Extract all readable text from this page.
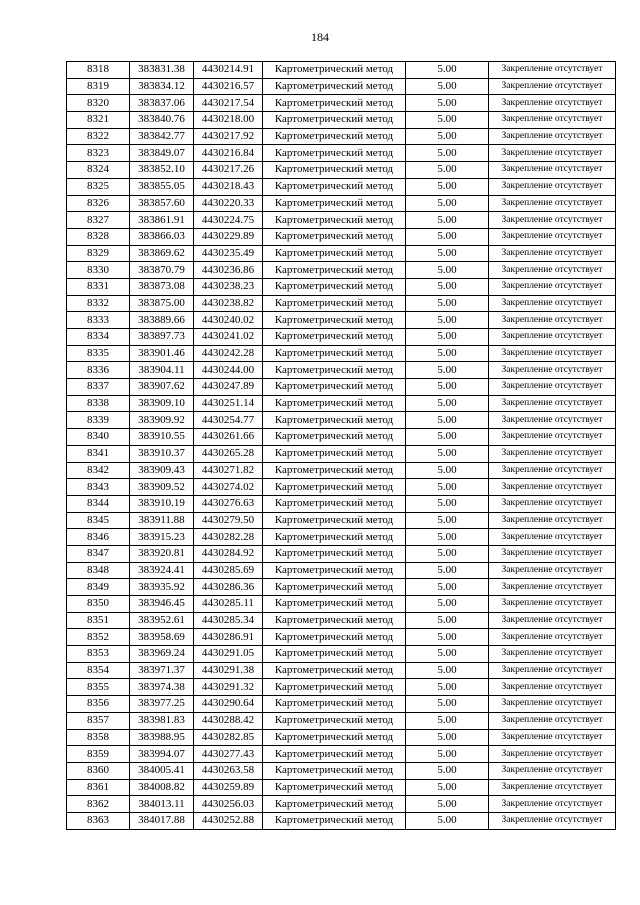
184
8318	383831.38	4430214.91	Картометрический метод	5.00	Закрепление отсутствует
8319	383834.12	4430216.57	Картометрический метод	5.00	Закрепление отсутствует
8320	383837.06	4430217.54	Картометрический метод	5.00	Закрепление отсутствует
8321	383840.76	4430218.00	Картометрический метод	5.00	Закрепление отсутствует
8322	383842.77	4430217.92	Картометрический метод	5.00	Закрепление отсутствует
8323	383849.07	4430216.84	Картометрический метод	5.00	Закрепление отсутствует
8324	383852.10	4430217.26	Картометрический метод	5.00	Закрепление отсутствует
8325	383855.05	4430218.43	Картометрический метод	5.00	Закрепление отсутствует
8326	383857.60	4430220.33	Картометрический метод	5.00	Закрепление отсутствует
8327	383861.91	4430224.75	Картометрический метод	5.00	Закрепление отсутствует
8328	383866.03	4430229.89	Картометрический метод	5.00	Закрепление отсутствует
8329	383869.62	4430235.49	Картометрический метод	5.00	Закрепление отсутствует
8330	383870.79	4430236.86	Картометрический метод	5.00	Закрепление отсутствует
8331	383873.08	4430238.23	Картометрический метод	5.00	Закрепление отсутствует
8332	383875.00	4430238.82	Картометрический метод	5.00	Закрепление отсутствует
8333	383889.66	4430240.02	Картометрический метод	5.00	Закрепление отсутствует
8334	383897.73	4430241.02	Картометрический метод	5.00	Закрепление отсутствует
8335	383901.46	4430242.28	Картометрический метод	5.00	Закрепление отсутствует
8336	383904.11	4430244.00	Картометрический метод	5.00	Закрепление отсутствует
8337	383907.62	4430247.89	Картометрический метод	5.00	Закрепление отсутствует
8338	383909.10	4430251.14	Картометрический метод	5.00	Закрепление отсутствует
8339	383909.92	4430254.77	Картометрический метод	5.00	Закрепление отсутствует
8340	383910.55	4430261.66	Картометрический метод	5.00	Закрепление отсутствует
8341	383910.37	4430265.28	Картометрический метод	5.00	Закрепление отсутствует
8342	383909.43	4430271.82	Картометрический метод	5.00	Закрепление отсутствует
8343	383909.52	4430274.02	Картометрический метод	5.00	Закрепление отсутствует
8344	383910.19	4430276.63	Картометрический метод	5.00	Закрепление отсутствует
8345	383911.88	4430279.50	Картометрический метод	5.00	Закрепление отсутствует
8346	383915.23	4430282.28	Картометрический метод	5.00	Закрепление отсутствует
8347	383920.81	4430284.92	Картометрический метод	5.00	Закрепление отсутствует
8348	383924.41	4430285.69	Картометрический метод	5.00	Закрепление отсутствует
8349	383935.92	4430286.36	Картометрический метод	5.00	Закрепление отсутствует
8350	383946.45	4430285.11	Картометрический метод	5.00	Закрепление отсутствует
8351	383952.61	4430285.34	Картометрический метод	5.00	Закрепление отсутствует
8352	383958.69	4430286.91	Картометрический метод	5.00	Закрепление отсутствует
8353	383969.24	4430291.05	Картометрический метод	5.00	Закрепление отсутствует
8354	383971.37	4430291.38	Картометрический метод	5.00	Закрепление отсутствует
8355	383974.38	4430291.32	Картометрический метод	5.00	Закрепление отсутствует
8356	383977.25	4430290.64	Картометрический метод	5.00	Закрепление отсутствует
8357	383981.83	4430288.42	Картометрический метод	5.00	Закрепление отсутствует
8358	383988.95	4430282.85	Картометрический метод	5.00	Закрепление отсутствует
8359	383994.07	4430277.43	Картометрический метод	5.00	Закрепление отсутствует
8360	384005.41	4430263.58	Картометрический метод	5.00	Закрепление отсутствует
8361	384008.82	4430259.89	Картометрический метод	5.00	Закрепление отсутствует
8362	384013.11	4430256.03	Картометрический метод	5.00	Закрепление отсутствует
8363	384017.88	4430252.88	Картометрический метод	5.00	Закрепление отсутствует
